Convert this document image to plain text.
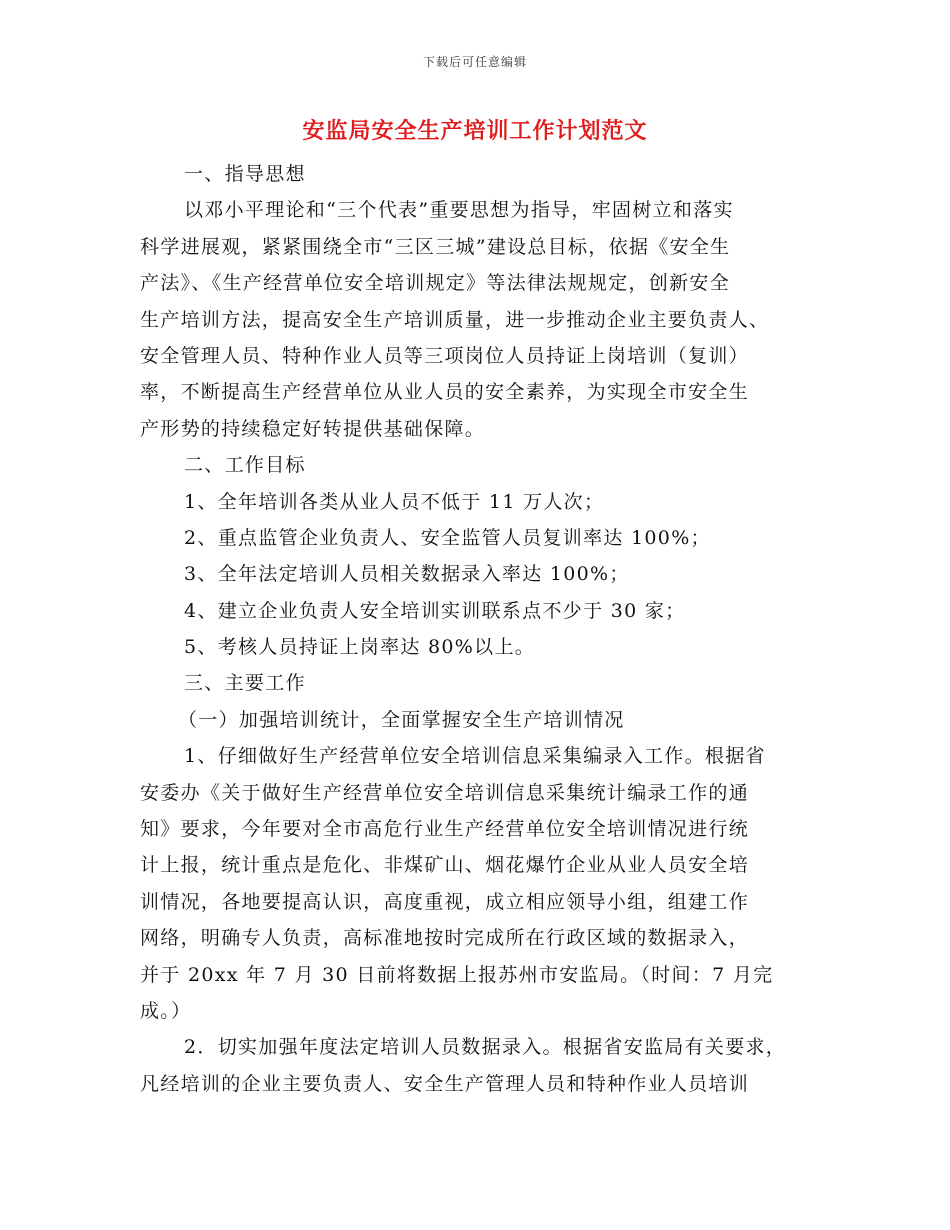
下载后可任意编辑
安监局安全生产培训工作计划范文
一、指导思想
以邓小平理论和“三个代表”重要思想为指导，牢固树立和落实
科学进展观，紧紧围绕全市“三区三城”建设总目标，依据《安全生
产法》、《生产经营单位安全培训规定》等法律法规规定，创新安全
生产培训方法，提高安全生产培训质量，进一步推动企业主要负责人、
安全管理人员、特种作业人员等三项岗位人员持证上岗培训（复训）
率，不断提高生产经营单位从业人员的安全素养，为实现全市安全生
产形势的持续稳定好转提供基础保障。
二、工作目标
1、全年培训各类从业人员不低于 11 万人次；
2、重点监管企业负责人、安全监管人员复训率达 100%；
3、全年法定培训人员相关数据录入率达 100%；
4、建立企业负责人安全培训实训联系点不少于 30 家；
5、考核人员持证上岗率达 80%以上。
三、主要工作
（一）加强培训统计，全面掌握安全生产培训情况
1、仔细做好生产经营单位安全培训信息采集编录入工作。根据省
安委办《关于做好生产经营单位安全培训信息采集统计编录工作的通
知》要求，今年要对全市高危行业生产经营单位安全培训情况进行统
计上报，统计重点是危化、非煤矿山、烟花爆竹企业从业人员安全培
训情况，各地要提高认识，高度重视，成立相应领导小组，组建工作
网络，明确专人负责，高标准地按时完成所在行政区域的数据录入，
并于 20xx 年 7 月 30 日前将数据上报苏州市安监局。（时间：7 月完
成。）
2．切实加强年度法定培训人员数据录入。根据省安监局有关要求，
凡经培训的企业主要负责人、安全生产管理人员和特种作业人员培训
